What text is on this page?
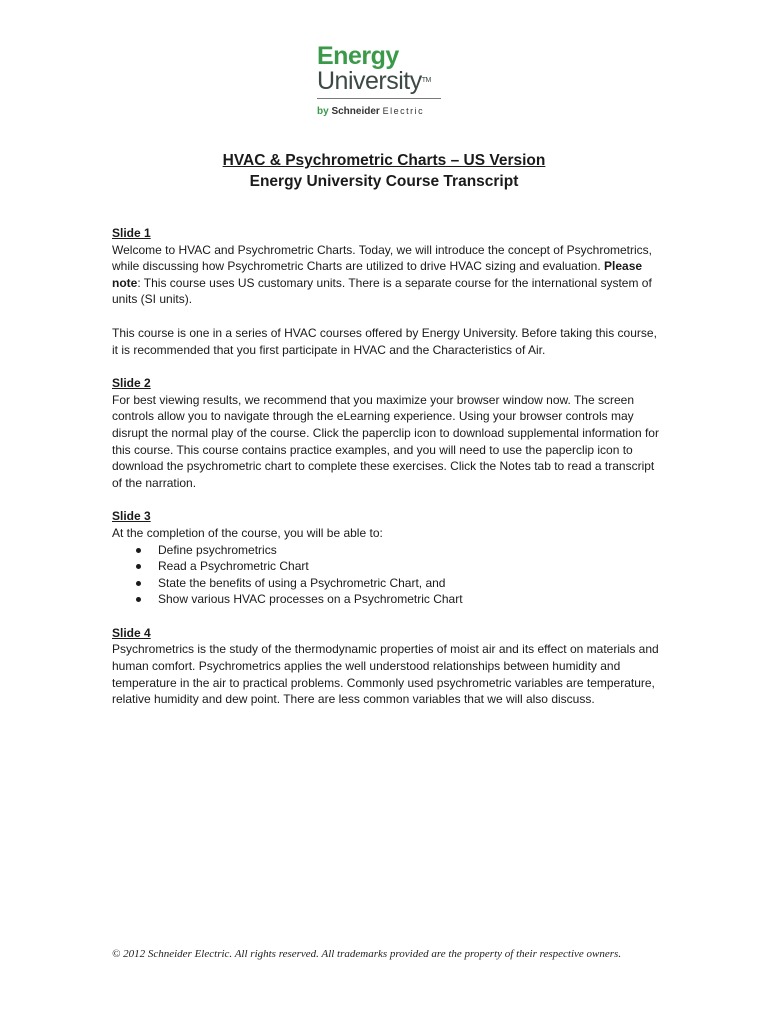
Energy
University™
by Schneider Electric
HVAC & Psychrometric Charts – US Version
Energy University Course Transcript
Slide 1

Welcome to HVAC and Psychrometric Charts. Today, we will introduce the concept of Psychrometrics, while discussing how Psychrometric Charts are utilized to drive HVAC sizing and evaluation. Please note: This course uses US customary units. There is a separate course for the international system of units (SI units).

This course is one in a series of HVAC courses offered by Energy University. Before taking this course, it is recommended that you first participate in HVAC and the Characteristics of Air.

Slide 2

For best viewing results, we recommend that you maximize your browser window now. The screen controls allow you to navigate through the eLearning experience. Using your browser controls may disrupt the normal play of the course. Click the paperclip icon to download supplemental information for this course. This course contains practice examples, and you will need to use the paperclip icon to download the psychrometric chart to complete these exercises. Click the Notes tab to read a transcript of the narration.

Slide 3

At the completion of the course, you will be able to:

Define psychrometrics
Read a Psychrometric Chart
State the benefits of using a Psychrometric Chart, and
Show various HVAC processes on a Psychrometric Chart
Slide 4

Psychrometrics is the study of the thermodynamic properties of moist air and its effect on materials and human comfort. Psychrometrics applies the well understood relationships between humidity and temperature in the air to practical problems. Commonly used psychrometric variables are temperature, relative humidity and dew point. There are less common variables that we will also discuss.

© 2012 Schneider Electric. All rights reserved. All trademarks provided are the property of their respective owners.
